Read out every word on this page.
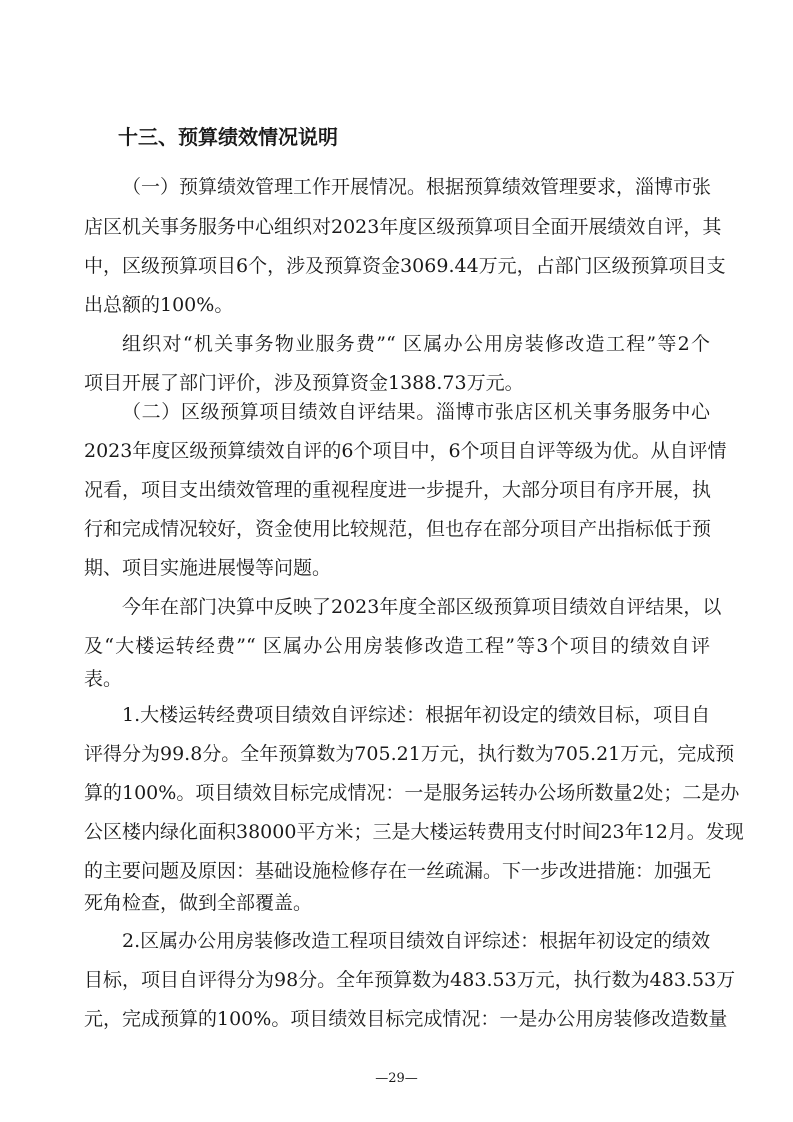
十三、预算绩效情况说明
（一）预算绩效管理工作开展情况。根据预算绩效管理要求，淄博市张
店区机关事务服务中心组织对2023年度区级预算项目全面开展绩效自评，其
中，区级预算项目6个，涉及预算资金3069.44万元，占部门区级预算项目支
出总额的100%。
组织对“机关事务物业服务费”“ 区属办公用房装修改造工程”等2个
项目开展了部门评价，涉及预算资金1388.73万元。
（二）区级预算项目绩效自评结果。淄博市张店区机关事务服务中心
2023年度区级预算绩效自评的6个项目中，6个项目自评等级为优。从自评情
况看，项目支出绩效管理的重视程度进一步提升，大部分项目有序开展，执
行和完成情况较好，资金使用比较规范，但也存在部分项目产出指标低于预
期、项目实施进展慢等问题。
今年在部门决算中反映了2023年度全部区级预算项目绩效自评结果，以
及“大楼运转经费”“ 区属办公用房装修改造工程”等3个项目的绩效自评
表。
1.大楼运转经费项目绩效自评综述：根据年初设定的绩效目标，项目自
评得分为99.8分。全年预算数为705.21万元，执行数为705.21万元，完成预
算的100%。项目绩效目标完成情况：一是服务运转办公场所数量2处；二是办
公区楼内绿化面积38000平方米；三是大楼运转费用支付时间23年12月。发现
的主要问题及原因：基础设施检修存在一丝疏漏。下一步改进措施：加强无
死角检查，做到全部覆盖。
2.区属办公用房装修改造工程项目绩效自评综述：根据年初设定的绩效
目标，项目自评得分为98分。全年预算数为483.53万元，执行数为483.53万
元，完成预算的100%。项目绩效目标完成情况：一是办公用房装修改造数量
—29—
